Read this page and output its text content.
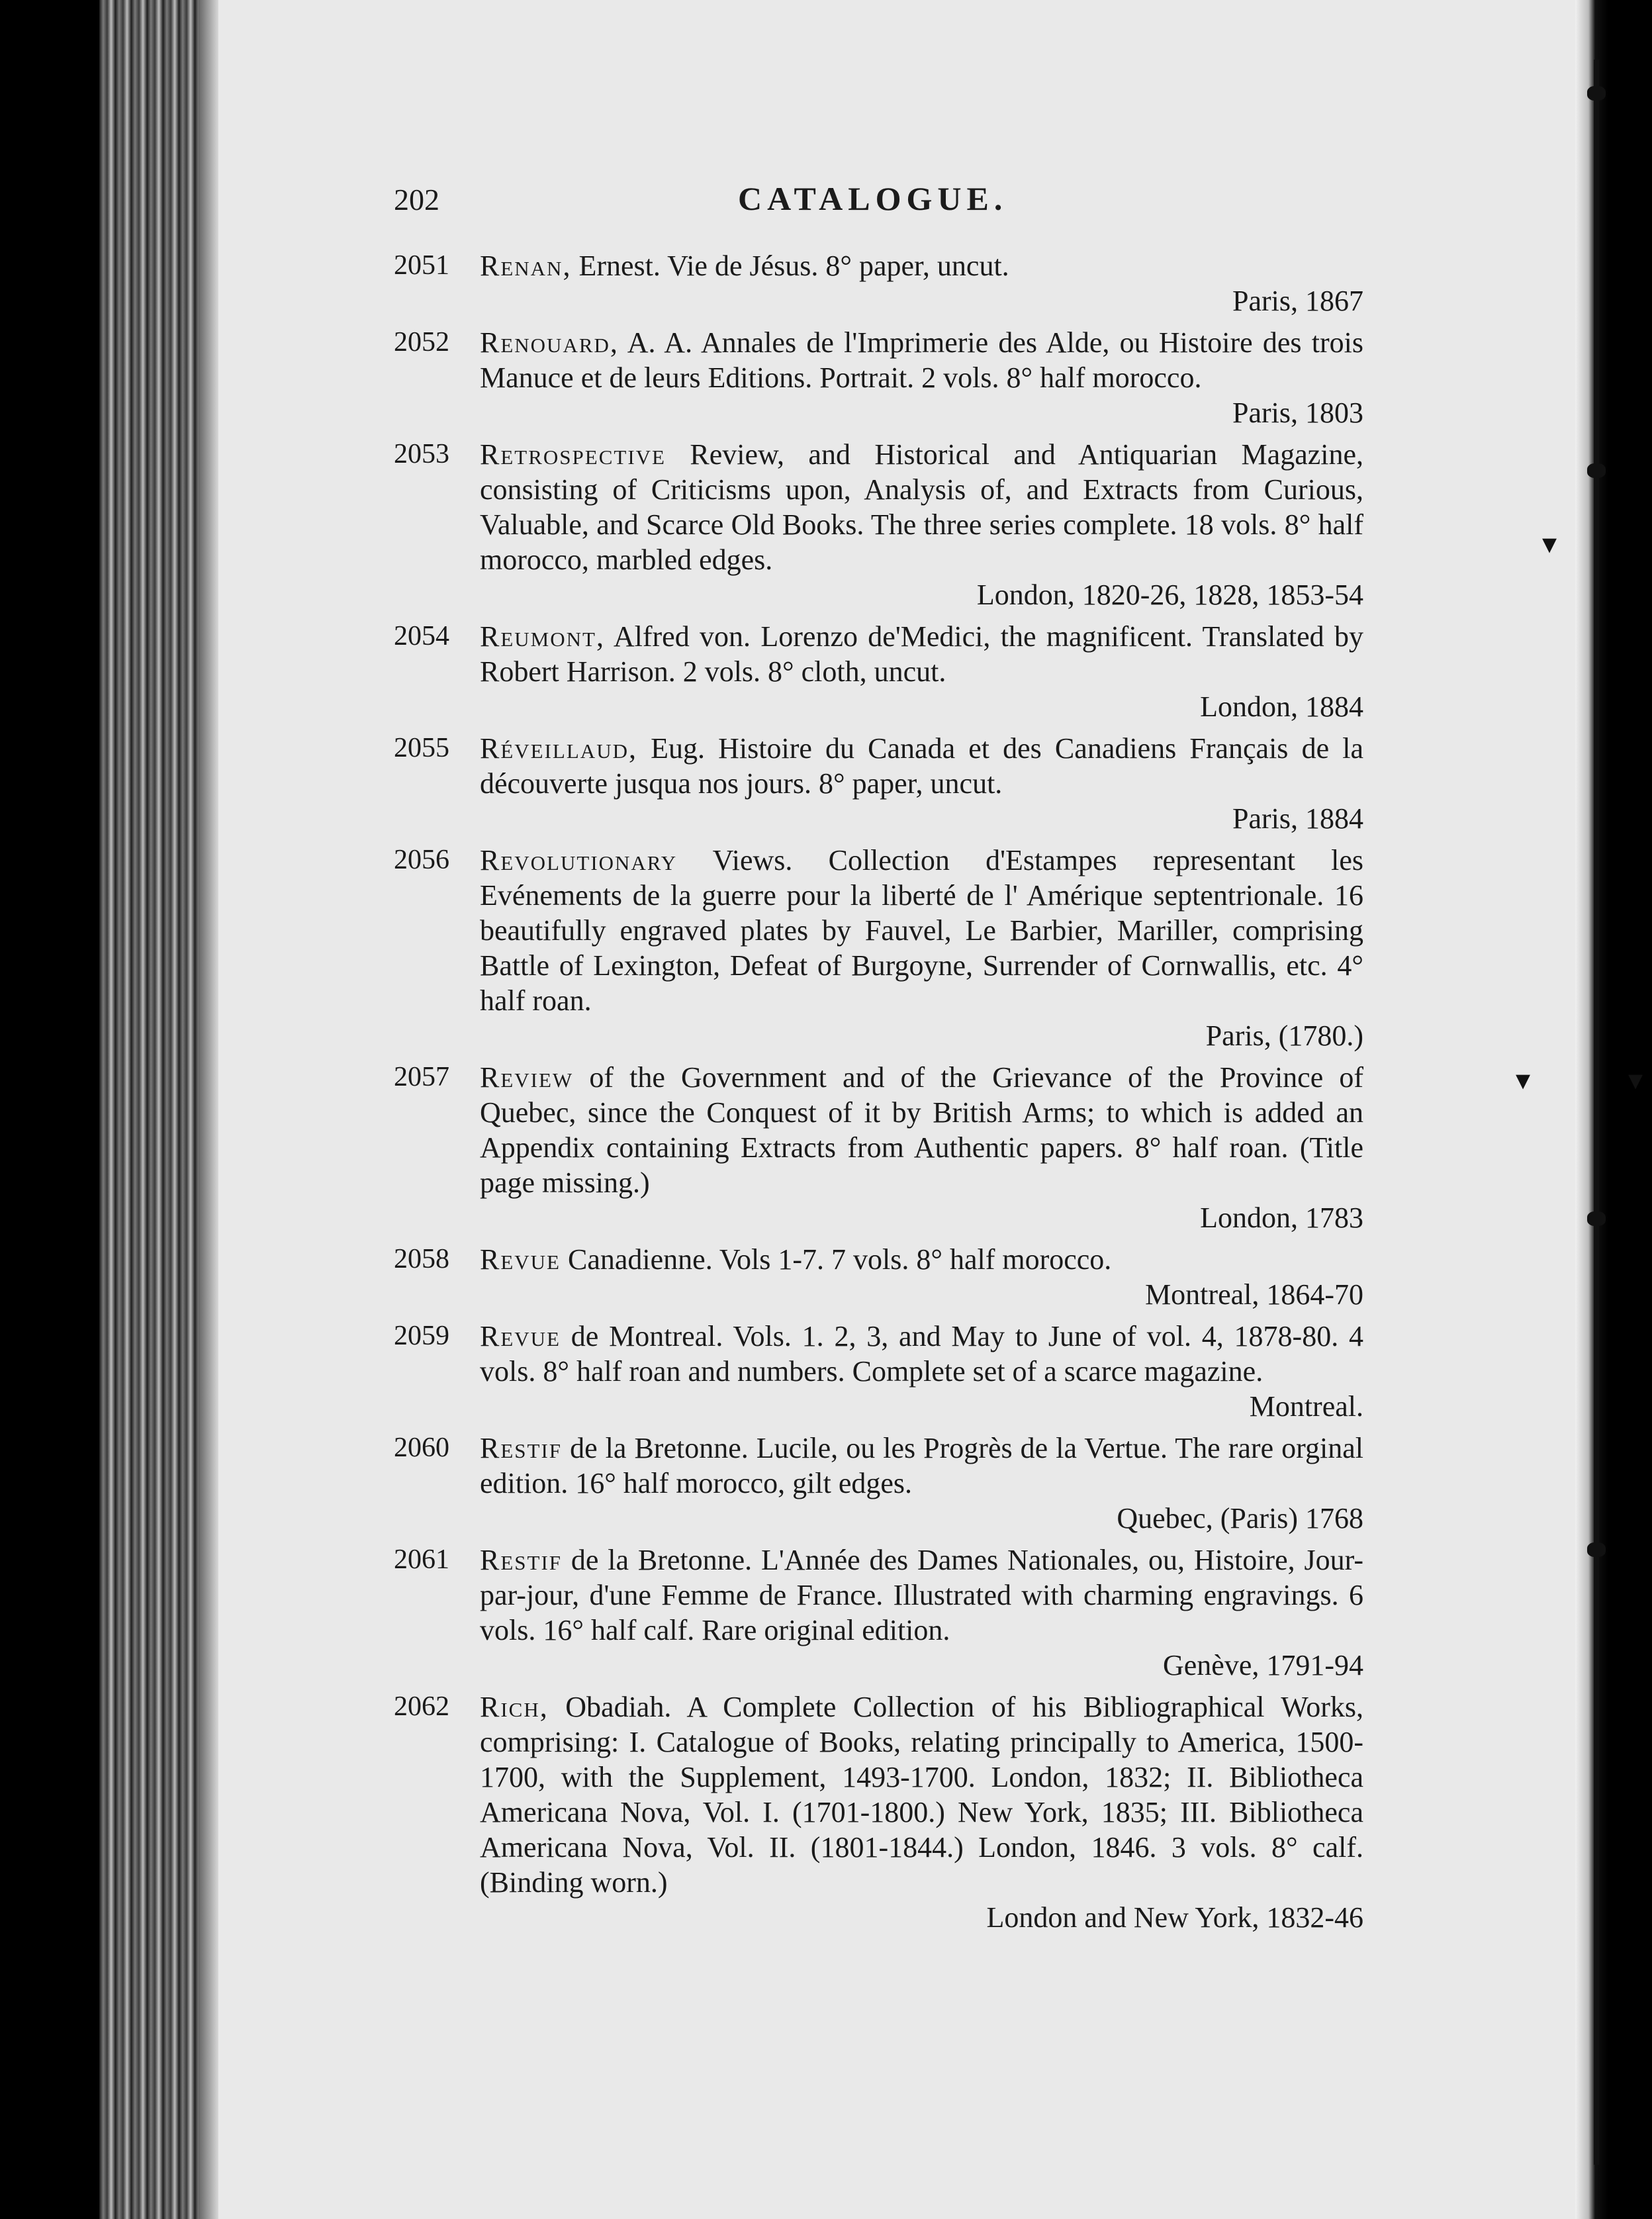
▾
▾	▾
202	CATALOGUE.
2051 Renan, Ernest. Vie de Jésus. 8° paper, uncut.
Paris, 1867
2052 Renouard, A. A. Annales de l'Imprimerie des Alde, ou Histoire des trois Manuce et de leurs Editions. Portrait. 2 vols. 8° half morocco.
Paris, 1803
2053 Retrospective Review, and Historical and Antiquarian Magazine, consisting of Criticisms upon, Analysis of, and Extracts from Curious, Valuable, and Scarce Old Books. The three series complete. 18 vols. 8° half morocco, marbled edges.
London, 1820-26, 1828, 1853-54
2054 Reumont, Alfred von. Lorenzo de'Medici, the magnificent. Translated by Robert Harrison. 2 vols. 8° cloth, uncut.
London, 1884
2055 Réveillaud, Eug. Histoire du Canada et des Canadiens Français de la découverte jusqua nos jours. 8° paper, uncut.
Paris, 1884
2056 Revolutionary Views. Collection d'Estampes representant les Evénements de la guerre pour la liberté de l' Amérique septentrionale. 16 beautifully engraved plates by Fauvel, Le Barbier, Mariller, comprising Battle of Lexington, Defeat of Burgoyne, Surrender of Cornwallis, etc. 4° half roan.
Paris, (1780.)
2057 Review of the Government and of the Grievance of the Province of Quebec, since the Conquest of it by British Arms; to which is added an Appendix containing Extracts from Authentic papers. 8° half roan. (Title page missing.)
London, 1783
2058 Revue Canadienne. Vols 1-7. 7 vols. 8° half morocco.
Montreal, 1864-70
2059 Revue de Montreal. Vols. 1. 2, 3, and May to June of vol. 4, 1878-80. 4 vols. 8° half roan and numbers. Complete set of a scarce magazine.
Montreal.
2060 Restif de la Bretonne. Lucile, ou les Progrès de la Vertue. The rare orginal edition. 16° half morocco, gilt edges.
Quebec, (Paris) 1768
2061 Restif de la Bretonne. L'Année des Dames Nationales, ou, Histoire, Jour-par-jour, d'une Femme de France. Illustrated with charming engravings. 6 vols. 16° half calf. Rare original edition.
Genève, 1791-94
2062 Rich, Obadiah. A Complete Collection of his Bibliographical Works, comprising: I. Catalogue of Books, relating principally to America, 1500-1700, with the Supplement, 1493-1700. London, 1832; II. Bibliotheca Americana Nova, Vol. I. (1701-1800.) New York, 1835; III. Bibliotheca Americana Nova, Vol. II. (1801-1844.) London, 1846. 3 vols. 8° calf. (Binding worn.)
London and New York, 1832-46
